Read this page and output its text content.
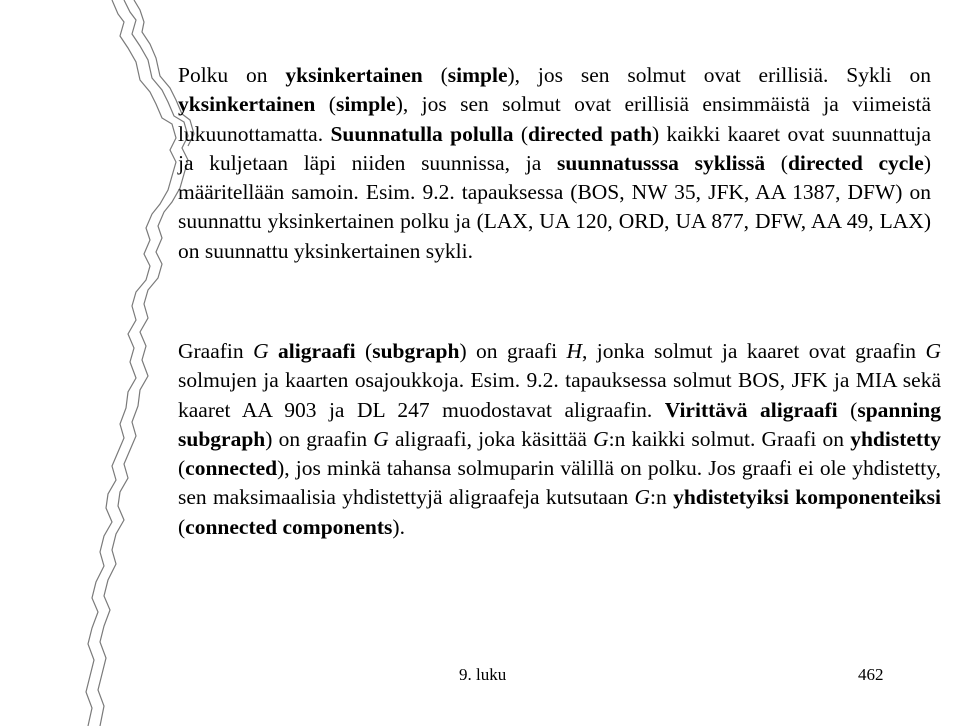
Polku on yksinkertainen (simple), jos sen solmut ovat erillisiä. Sykli on yksinkertainen (simple), jos sen solmut ovat erillisiä ensimmäistä ja viimeistä lukuunottamatta. Suunnatulla polulla (directed path) kaikki kaaret ovat suunnattuja ja kuljetaan läpi niiden suunnissa, ja suunnatusssa syklissä (directed cycle) määritellään samoin. Esim. 9.2. tapauksessa (BOS, NW 35, JFK, AA 1387, DFW) on suunnattu yksinkertainen polku ja (LAX, UA 120, ORD, UA 877, DFW, AA 49, LAX) on suunnattu yksinkertainen sykli.

Graafin G aligraafi (subgraph) on graafi H, jonka solmut ja kaaret ovat graafin G solmujen ja kaarten osajoukkoja. Esim. 9.2. tapauksessa solmut BOS, JFK ja MIA sekä kaaret AA 903 ja DL 247 muodostavat aligraafin. Virittävä aligraafi (spanning subgraph) on graafin G aligraafi, joka käsittää G:n kaikki solmut. Graafi on yhdistetty (connected), jos minkä tahansa solmuparin välillä on polku. Jos graafi ei ole yhdistetty, sen maksimaalisia yhdistettyjä aligraafeja kutsutaan G:n yhdistetyiksi komponenteiksi (connected components).

9. luku	462
